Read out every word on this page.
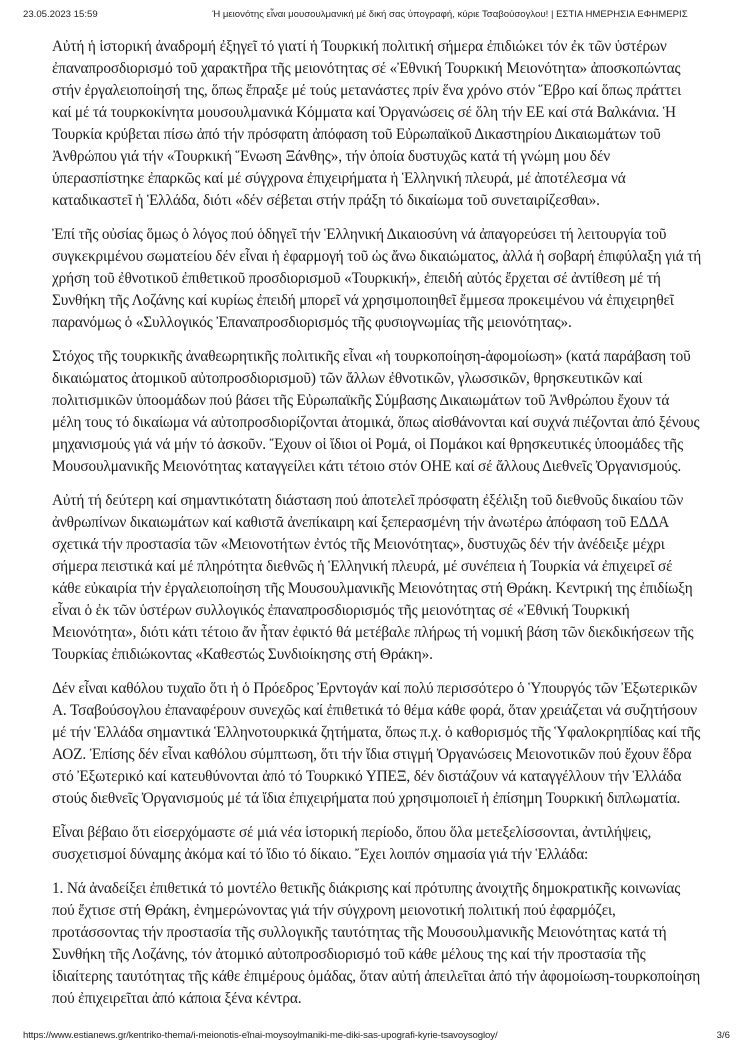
23.05.2023 15:59	Ἡ μειονότης εἶναι μουσουλμανική μέ δική σας ὑπογραφή, κύριε Τσαβούσογλου! | ΕΣΤΙΑ ΗΜΕΡΗΣΙΑ ΕΦΗΜΕΡΙΣ

Αὐτή ἡ ἱστορική ἀναδρομή ἐξηγεῖ τό γιατί ἡ Τουρκική πολιτική σήμερα ἐπιδιώκει τόν ἐκ τῶν ὑστέρων ἐπαναπροσδιορισμό τοῦ χαρακτῆρα τῆς μειονότητας σέ «Ἐθνική Τουρκική Μειονότητα» ἀποσκοπώντας στήν ἐργαλειοποίησή της, ὅπως ἔπραξε μέ τούς μετανάστες πρίν ἕνα χρόνο στόν Ἕβρο καί ὅπως πράττει καί μέ τά τουρκοκίνητα μουσουλμανικά Κόμματα καί Ὀργανώσεις σέ ὅλη τήν ΕΕ καί στά Βαλκάνια. Ἡ Τουρκία κρύβεται πίσω ἀπό τήν πρόσφατη ἀπόφαση τοῦ Εὐρωπαϊκοῦ Δικαστηρίου Δικαιωμάτων τοῦ Ἀνθρώπου γιά τήν «Τουρκική Ἕνωση Ξάνθης», τήν ὁποία δυστυχῶς κατά τή γνώμη μου δέν ὑπερασπίστηκε ἐπαρκῶς καί μέ σύγχρονα ἐπιχειρήματα ἡ Ἑλληνική πλευρά, μέ ἀποτέλεσμα νά καταδικαστεῖ ἡ Ἑλλάδα, διότι «δέν σέβεται στήν πράξη τό δικαίωμα τοῦ συνεταιρίζεσθαι».

Ἐπί τῆς οὐσίας ὅμως ὁ λόγος πού ὁδηγεῖ τήν Ἑλληνική Δικαιοσύνη νά ἀπαγορεύσει τή λειτουργία τοῦ συγκεκριμένου σωματείου δέν εἶναι ἡ ἐφαρμογή τοῦ ὡς ἄνω δικαιώματος, ἀλλά ἡ σοβαρή ἐπιφύλαξη γιά τή χρήση τοῦ ἐθνοτικοῦ ἐπιθετικοῦ προσδιορισμοῦ «Τουρκική», ἐπειδή αὐτός ἔρχεται σέ ἀντίθεση μέ τή Συνθήκη τῆς Λοζάνης καί κυρίως ἐπειδή μπορεῖ νά χρησιμοποιηθεῖ ἔμμεσα προκειμένου νά ἐπιχειρηθεῖ παρανόμως ὁ «Συλλογικός Ἐπαναπροσδιορισμός τῆς φυσιογνωμίας τῆς μειονότητας».

Στόχος τῆς τουρκικῆς ἀναθεωρητικῆς πολιτικῆς εἶναι «ἡ τουρκοποίηση-ἀφομοίωση» (κατά παράβαση τοῦ δικαιώματος ἀτομικοῦ αὐτοπροσδιορισμοῦ) τῶν ἄλλων ἐθνοτικῶν, γλωσσικῶν, θρησκευτικῶν καί πολιτισμικῶν ὑποομάδων πού βάσει τῆς Εὐρωπαϊκῆς Σύμβασης Δικαιωμάτων τοῦ Ἀνθρώπου ἔχουν τά μέλη τους τό δικαίωμα νά αὐτοπροσδιορίζονται ἀτομικά, ὅπως αἰσθάνονται καί συχνά πιέζονται ἀπό ξένους μηχανισμούς γιά νά μήν τό ἀσκοῦν. Ἔχουν οἱ ἴδιοι οἱ Ρομά, οἱ Πομάκοι καί θρησκευτικές ὑποομάδες τῆς Μουσουλμανικῆς Μειονότητας καταγγείλει κάτι τέτοιο στόν ΟΗΕ καί σέ ἄλλους Διεθνεῖς Ὀργανισμούς.

Αὐτή τή δεύτερη καί σημαντικότατη διάσταση πού ἀποτελεῖ πρόσφατη ἐξέλιξη τοῦ διεθνοῦς δικαίου τῶν ἀνθρωπίνων δικαιωμάτων καί καθιστᾶ ἀνεπίκαιρη καί ξεπερασμένη τήν ἀνωτέρω ἀπόφαση τοῦ ΕΔΔΑ σχετικά τήν προστασία τῶν «Μειονοτήτων ἐντός τῆς Μειονότητας», δυστυχῶς δέν τήν ἀνέδειξε μέχρι σήμερα πειστικά καί μέ πληρότητα διεθνῶς ἡ Ἑλληνική πλευρά, μέ συνέπεια ἡ Τουρκία νά ἐπιχειρεῖ σέ κάθε εὐκαιρία τήν ἐργαλειοποίηση τῆς Μουσουλμανικῆς Μειονότητας στή Θράκη. Κεντρική της ἐπιδίωξη εἶναι ὁ ἐκ τῶν ὑστέρων συλλογικός ἐπαναπροσδιορισμός τῆς μειονότητας σέ «Ἐθνική Τουρκική Μειονότητα», διότι κάτι τέτοιο ἄν ἦταν ἐφικτό θά μετέβαλε πλήρως τή νομική βάση τῶν διεκδικήσεων τῆς Τουρκίας ἐπιδιώκοντας «Καθεστώς Συνδιοίκησης στή Θράκη».

Δέν εἶναι καθόλου τυχαῖο ὅτι ἡ ὁ Πρόεδρος Ἐρντογάν καί πολύ περισσότερο ὁ Ὑπουργός τῶν Ἐξωτερικῶν Α. Τσαβούσογλου ἐπαναφέρουν συνεχῶς καί ἐπιθετικά τό θέμα κάθε φορά, ὅταν χρειάζεται νά συζητήσουν μέ τήν Ἑλλάδα σημαντικά Ἑλληνοτουρκικά ζητήματα, ὅπως π.χ. ὁ καθορισμός τῆς Ὑφαλοκρηπίδας καί τῆς ΑΟΖ. Ἐπίσης δέν εἶναι καθόλου σύμπτωση, ὅτι τήν ἴδια στιγμή Ὀργανώσεις Μειονοτικῶν πού ἔχουν ἕδρα στό Ἐξωτερικό καί κατευθύνονται ἀπό τό Τουρκικό ΥΠΕΞ, δέν διστάζουν νά καταγγέλλουν τήν Ἑλλάδα στούς διεθνεῖς Ὀργανισμούς μέ τά ἴδια ἐπιχειρήματα πού χρησιμοποιεῖ ἡ ἐπίσημη Τουρκική διπλωματία.

Εἶναι βέβαιο ὅτι εἰσερχόμαστε σέ μιά νέα ἱστορική περίοδο, ὅπου ὅλα μετεξελίσσονται, ἀντιλήψεις, συσχετισμοί δύναμης ἀκόμα καί τό ἴδιο τό δίκαιο. Ἔχει λοιπόν σημασία γιά τήν Ἑλλάδα:

1. Νά ἀναδείξει ἐπιθετικά τό μοντέλο θετικῆς διάκρισης καί πρότυπης ἀνοιχτῆς δημοκρατικῆς κοινωνίας πού ἔχτισε στή Θράκη, ἐνημερώνοντας γιά τήν σύγχρονη μειονοτική πολιτική πού ἐφαρμόζει, προτάσσοντας τήν προστασία τῆς συλλογικῆς ταυτότητας τῆς Μουσουλμανικῆς Μειονότητας κατά τή Συνθήκη τῆς Λοζάνης, τόν ἀτομικό αὐτοπροσδιορισμό τοῦ κάθε μέλους της καί τήν προστασία τῆς ἰδιαίτερης ταυτότητας τῆς κάθε ἐπιμέρους ὁμάδας, ὅταν αὐτή ἀπειλεῖται ἀπό τήν ἀφομοίωση-τουρκοποίηση πού ἐπιχειρεῖται ἀπό κάποια ξένα κέντρα.

https://www.estianews.gr/kentriko-thema/i-meionotis-eĩnai-moysoylmaniki-me-diki-sas-upografi-kyrie-tsavoysogloy/	3/6
